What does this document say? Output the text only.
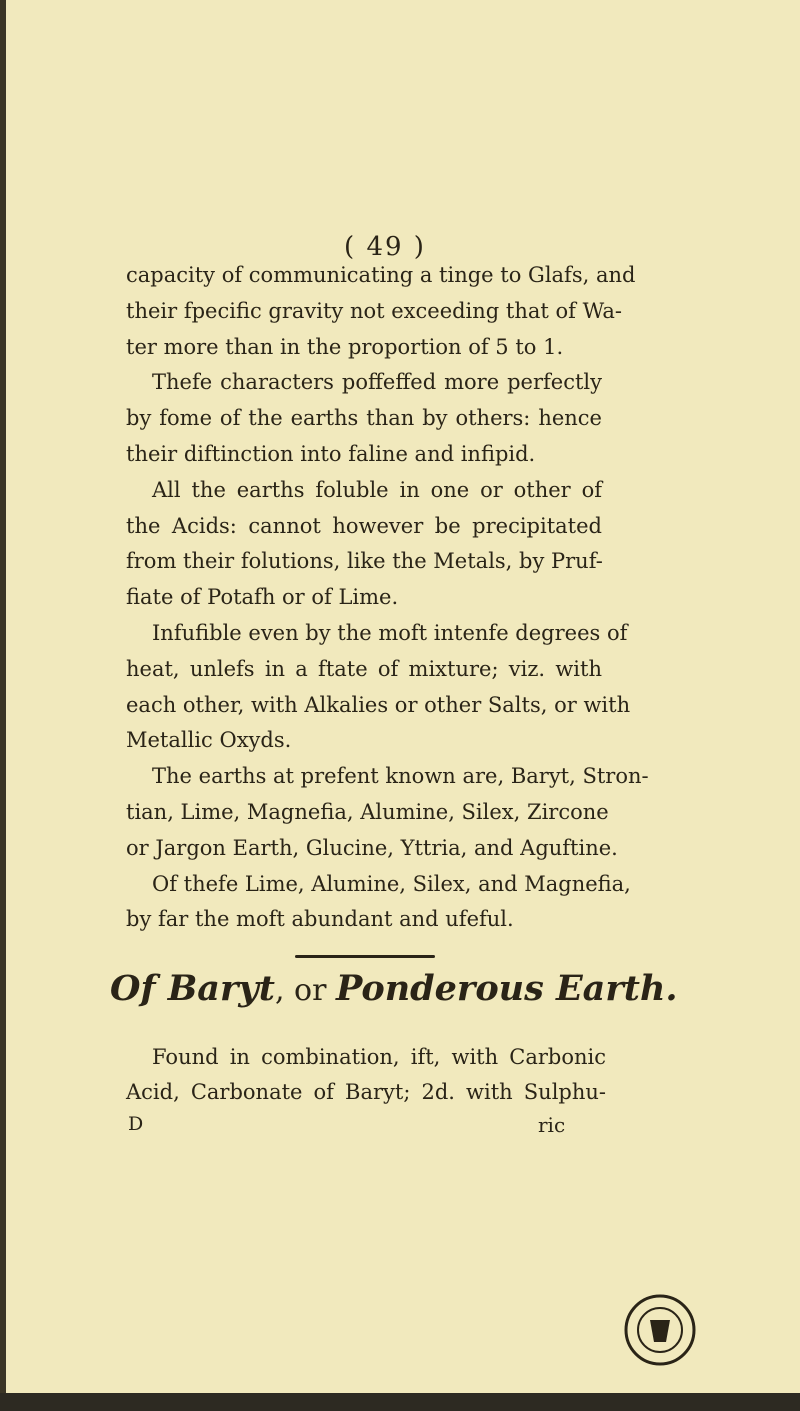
( 49 )
capacity of communicating a tinge to Glafs, and
their fpecific gravity not exceeding that of Wa-
ter more than in the proportion of 5 to 1.
Thefe characters poffeffed more perfectly
by fome of the earths than by others: hence
their diftinction into faline and infipid.
All the earths foluble in one or other of
the Acids: cannot however be precipitated
from their folutions, like the Metals, by Pruf-
fiate of Potafh or of Lime.
Infufible even by the moft intenfe degrees of
heat, unlefs in a ftate of mixture; viz. with
each other, with Alkalies or other Salts, or with
Metallic Oxyds.
The earths at prefent known are, Baryt, Stron-
tian, Lime, Magnefia, Alumine, Silex, Zircone
or Jargon Earth, Glucine, Yttria, and Aguftine.
Of thefe Lime, Alumine, Silex, and Magnefia,
by far the moft abundant and ufeful.
Of Baryt, or Ponderous Earth.
Found in combination, ift, with Carbonic
Acid, Carbonate of Baryt; 2d. with Sulphu-
D	ric
